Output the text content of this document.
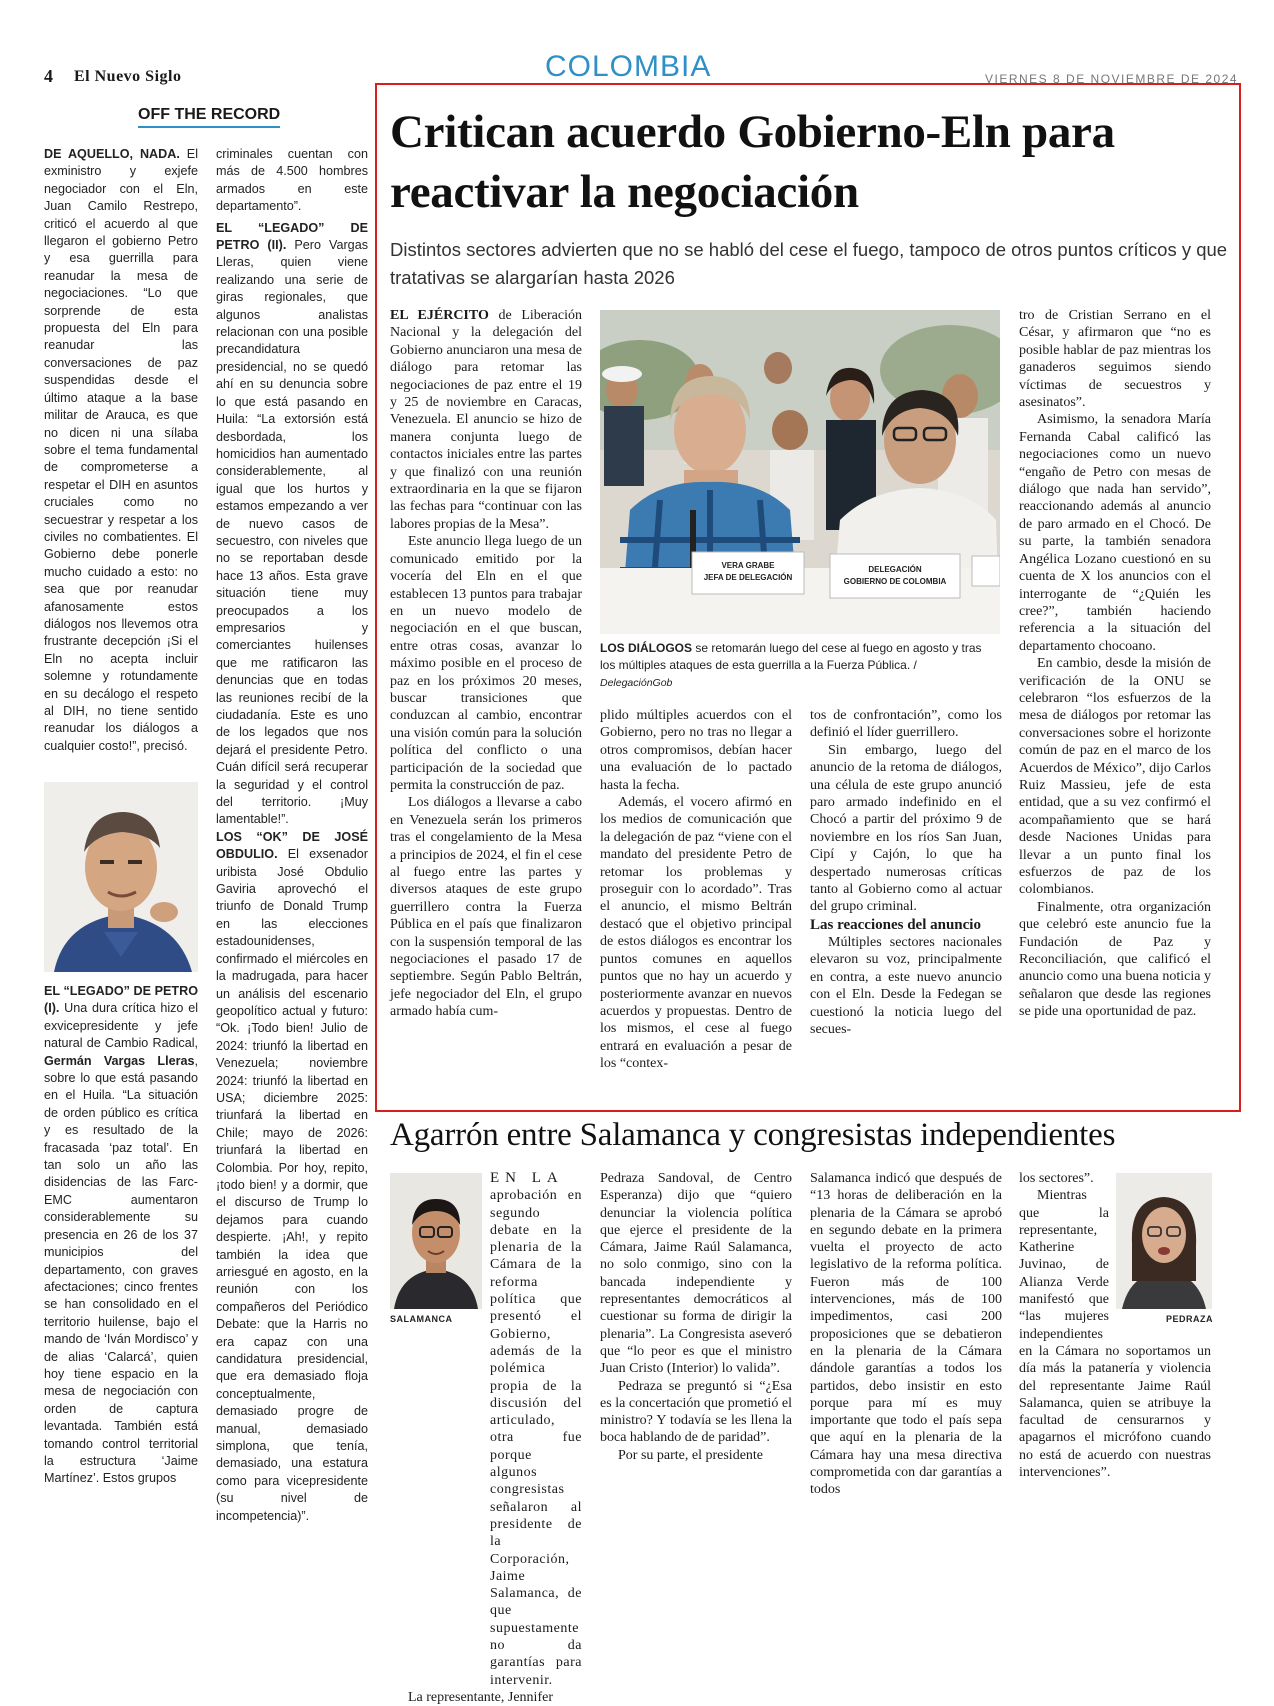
4 El Nuevo Siglo	COLOMBIA	VIERNES 8 DE NOVIEMBRE DE 2024
OFF THE RECORD

DE AQUELLO, NADA. El exministro y exjefe negociador con el Eln, Juan Camilo Restrepo, criticó el acuerdo al que llegaron el gobierno Petro y esa guerrilla para reanudar la mesa de negociaciones. “Lo que sorprende de esta propuesta del Eln para reanudar las conversaciones de paz suspendidas desde el último ataque a la base militar de Arauca, es que no dicen ni una sílaba sobre el tema fundamental de comprometerse a respetar el DIH en asuntos cruciales como no secuestrar y respetar a los civiles no combatientes. El Gobierno debe ponerle mucho cuidado a esto: no sea que por reanudar afanosamente estos diálogos nos llevemos otra frustrante decepción ¡Si el Eln no acepta incluir solemne y rotundamente en su decálogo el respeto al DIH, no tiene sentido reanudar los diálogos a cualquier costo!”, precisó.

EL “LEGADO” DE PETRO (I). Una dura crítica hizo el exvicepresidente y jefe natural de Cambio Radical, Germán Vargas Lleras, sobre lo que está pasando en el Huila. “La situación de orden público es crítica y es resultado de la fracasada ‘paz total’. En tan solo un año las disidencias de las Farc-EMC aumentaron considerablemente su presencia en 26 de los 37 municipios del departamento, con graves afectaciones; cinco frentes se han consolidado en el territorio huilense, bajo el mando de ‘Iván Mordisco’ y de alias ‘Calarcá’, quien hoy tiene espacio en la mesa de negociación con orden de captura levantada. También está tomando control territorial la estructura ‘Jaime Martínez’. Estos grupos

criminales cuentan con más de 4.500 hombres armados en este departamento”.

EL “LEGADO” DE PETRO (II). Pero Vargas Lleras, quien viene realizando una serie de giras regionales, que algunos analistas relacionan con una posible precandidatura presidencial, no se quedó ahí en su denuncia sobre lo que está pasando en Huila: “La extorsión está desbordada, los homicidios han aumentado considerablemente, al igual que los hurtos y estamos empezando a ver de nuevo casos de secuestro, con niveles que no se reportaban desde hace 13 años. Esta grave situación tiene muy preocupados a los empresarios y comerciantes huilenses que me ratificaron las denuncias que en todas las reuniones recibí de la ciudadanía. Este es uno de los legados que nos dejará el presidente Petro. Cuán difícil será recuperar la seguridad y el control del territorio. ¡Muy lamentable!”.

LOS “OK” DE JOSÉ OBDULIO. El exsenador uribista José Obdulio Gaviria aprovechó el triunfo de Donald Trump en las elecciones estadounidenses, confirmado el miércoles en la madrugada, para hacer un análisis del escenario geopolítico actual y futuro: “Ok. ¡Todo bien! Julio de 2024: triunfó la libertad en Venezuela; noviembre 2024: triunfó la libertad en USA; diciembre 2025: triunfará la libertad en Chile; mayo de 2026: triunfará la libertad en Colombia. Por hoy, repito, ¡todo bien! y a dormir, que el discurso de Trump lo dejamos para cuando despierte. ¡Ah!, y repito también la idea que arriesgué en agosto, en la reunión con los compañeros del Periódico Debate: que la Harris no era capaz con una candidatura presidencial, que era demasiado floja conceptualmente, demasiado progre de manual, demasiado simplona, que tenía, demasiado, una estatura como para vicepresidente (su nivel de incompetencia)”.

Critican acuerdo Gobierno-Eln para reactivar la negociación
Distintos sectores advierten que no se habló del cese el fuego, tampoco de otros puntos críticos y que tratativas se alargarían hasta 2026

EL EJÉRCITO de Liberación Nacional y la delegación del Gobierno anunciaron una mesa de diálogo para retomar las negociaciones de paz entre el 19 y 25 de noviembre en Caracas, Venezuela. El anuncio se hizo de manera conjunta luego de contactos iniciales entre las partes y que finalizó con una reunión extraordinaria en la que se fijaron las fechas para “continuar con las labores propias de la Mesa”.

Este anuncio llega luego de un comunicado emitido por la vocería del Eln en el que establecen 13 puntos para trabajar en un nuevo modelo de negociación en el que buscan, entre otras cosas, avanzar lo máximo posible en el proceso de paz en los próximos 20 meses, buscar transiciones que conduzcan al cambio, encontrar una visión común para la solución política del conflicto o una participación de la sociedad que permita la construcción de paz.

Los diálogos a llevarse a cabo en Venezuela serán los primeros tras el congelamiento de la Mesa a principios de 2024, el fin el cese al fuego entre las partes y diversos ataques de este grupo guerrillero contra la Fuerza Pública en el país que finalizaron con la suspensión temporal de las negociaciones el pasado 17 de septiembre. Según Pablo Beltrán, jefe negociador del Eln, el grupo armado había cum-

VERA GRABE
JEFA DE DELEGACIÓN
DELEGACIÓN
GOBIERNO DE COLOMBIA
LOS DIÁLOGOS se retomarán luego del cese al fuego en agosto y tras los múltiples ataques de esta guerrilla a la Fuerza Pública. /
DelegaciónGob

plido múltiples acuerdos con el Gobierno, pero no tras no llegar a otros compromisos, debían hacer una evaluación de lo pactado hasta la fecha.

Además, el vocero afirmó en los medios de comunicación que la delegación de paz “viene con el mandato del presidente Petro de retomar los problemas y proseguir con lo acordado”. Tras el anuncio, el mismo Beltrán destacó que el objetivo principal de estos diálogos es encontrar los puntos comunes en aquellos puntos que no hay un acuerdo y posteriormente avanzar en nuevos acuerdos y propuestas. Dentro de los mismos, el cese al fuego entrará en evaluación a pesar de los “contex-

tos de confrontación”, como los definió el líder guerrillero.

Sin embargo, luego del anuncio de la retoma de diálogos, una célula de este grupo anunció paro armado indefinido en el Chocó a partir del próximo 9 de noviembre en los ríos San Juan, Cipí y Cajón, lo que ha despertado numerosas críticas tanto al Gobierno como al actuar del grupo criminal.

Las reacciones del anuncio

Múltiples sectores nacionales elevaron su voz, principalmente en contra, a este nuevo anuncio con el Eln. Desde la Fedegan se cuestionó la noticia luego del secues-

tro de Cristian Serrano en el César, y afirmaron que “no es posible hablar de paz mientras los ganaderos seguimos siendo víctimas de secuestros y asesinatos”.

Asimismo, la senadora María Fernanda Cabal calificó las negociaciones como un nuevo “engaño de Petro con mesas de diálogo que nada han servido”, reaccionando además al anuncio de paro armado en el Chocó. De su parte, la también senadora Angélica Lozano cuestionó en su cuenta de X los anuncios con el interrogante de “¿Quién les cree?”, también haciendo referencia a la situación del departamento chocoano.

En cambio, desde la misión de verificación de la ONU se celebraron “los esfuerzos de la mesa de diálogos por retomar las conversaciones sobre el horizonte común de paz en el marco de los Acuerdos de México”, dijo Carlos Ruiz Massieu, jefe de esta entidad, que a su vez confirmó el acompañamiento que se hará desde Naciones Unidas para llevar a un punto final los esfuerzos de paz de los colombianos.

Finalmente, otra organización que celebró este anuncio fue la Fundación de Paz y Reconciliación, que calificó el anuncio como una buena noticia y señalaron que desde las regiones se pide una oportunidad de paz.

Agarrón entre Salamanca y congresistas independientes
SALAMANCA

EN LA

aprobación en segundo debate en la plenaria de la Cámara de la reforma política que presentó el Gobierno, además de la polémica propia de la discusión del articulado, otra fue porque algunos congresistas señalaron al presidente de la Corporación, Jaime Salamanca, de que supuestamente no da garantías para intervenir.

La representante, Jennifer

Pedraza Sandoval, de Centro Esperanza) dijo que “quiero denunciar la violencia política que ejerce el presidente de la Cámara, Jaime Raúl Salamanca, no solo conmigo, sino con la bancada independiente y representantes democráticos al cuestionar su forma de dirigir la plenaria”. La Congresista aseveró que “lo peor es que el ministro Juan Cristo (Interior) lo valida”.

Pedraza se preguntó si “¿Esa es la concertación que prometió el ministro? Y todavía se les llena la boca hablando de de paridad”.

Por su parte, el presidente

Salamanca indicó que después de “13 horas de deliberación en la plenaria de la Cámara se aprobó en segundo debate en la primera vuelta el proyecto de acto legislativo de la reforma política. Fueron más de 100 intervenciones, más de 100 impedimentos, casi 200 proposiciones que se debatieron en la plenaria de la Cámara dándole garantías a todos los partidos, debo insistir en esto porque para mí es muy importante que todo el país sepa que aquí en la plenaria de la Cámara hay una mesa directiva comprometida con dar garantías a todos

los sectores”.

Mientras que la representante, Katherine Juvinao, de Alianza Verde manifestó que “las mujeres independientes

en la Cámara no soportamos un día más la patanería y violencia del representante Jaime Raúl Salamanca, quien se atribuye la facultad de censurarnos y apagarnos el micrófono cuando no está de acuerdo con nuestras intervenciones”.

PEDRAZA
